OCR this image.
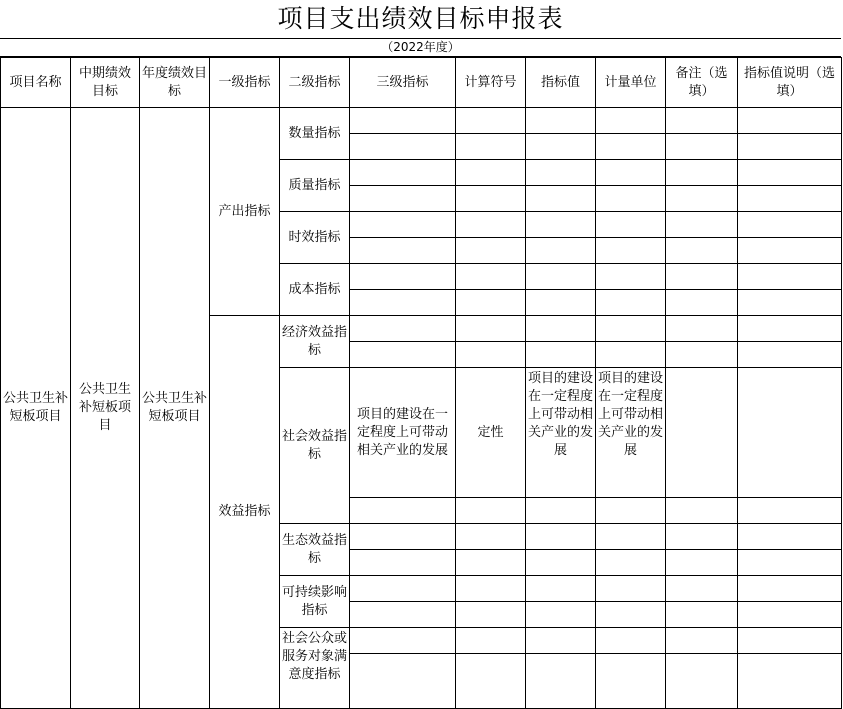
项目支出绩效目标申报表
（2022年度）
项目名称	中期绩效目标	年度绩效目标	一级指标	二级指标	三级指标	计算符号	指标值	计量单位	备注（选填）	指标值说明（选填）
公共卫生补短板项目	公共卫生补短板项目	公共卫生补短板项目	产出指标	数量指标						

				质量指标						

				时效指标						

				成本指标						

			效益指标	经济效益指标						

				社会效益指标	项目的建设在一定程度上可带动相关产业的发展	定性	项目的建设在一定程度上可带动相关产业的发展	项目的建设在一定程度上可带动相关产业的发展		

				生态效益指标						

				可持续影响指标						

				社会公众或服务对象满意度指标						
